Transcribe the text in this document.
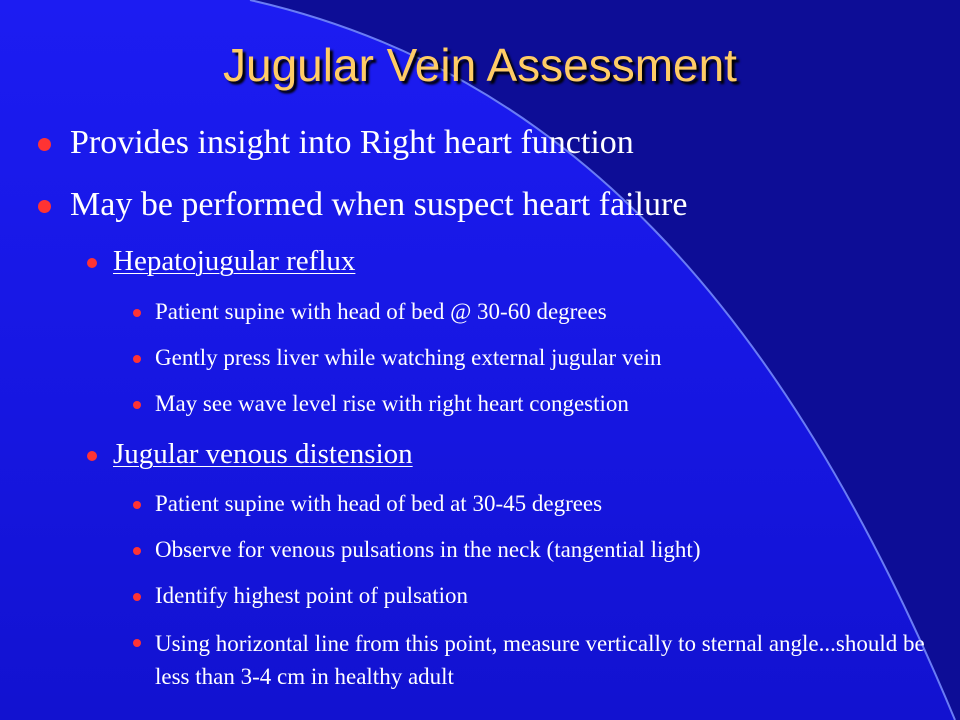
Jugular Vein Assessment
Provides insight into Right heart function
May be performed when suspect heart failure
Hepatojugular reflux
Patient supine with head of bed @ 30-60 degrees
Gently press liver while watching external jugular vein
May see wave level rise with right heart congestion
Jugular venous distension
Patient supine with head of bed at 30-45 degrees
Observe for venous pulsations in the neck (tangential light)
Identify highest point of pulsation
Using horizontal line from this point, measure vertically to sternal angle...should be less than 3-4 cm in healthy adult
